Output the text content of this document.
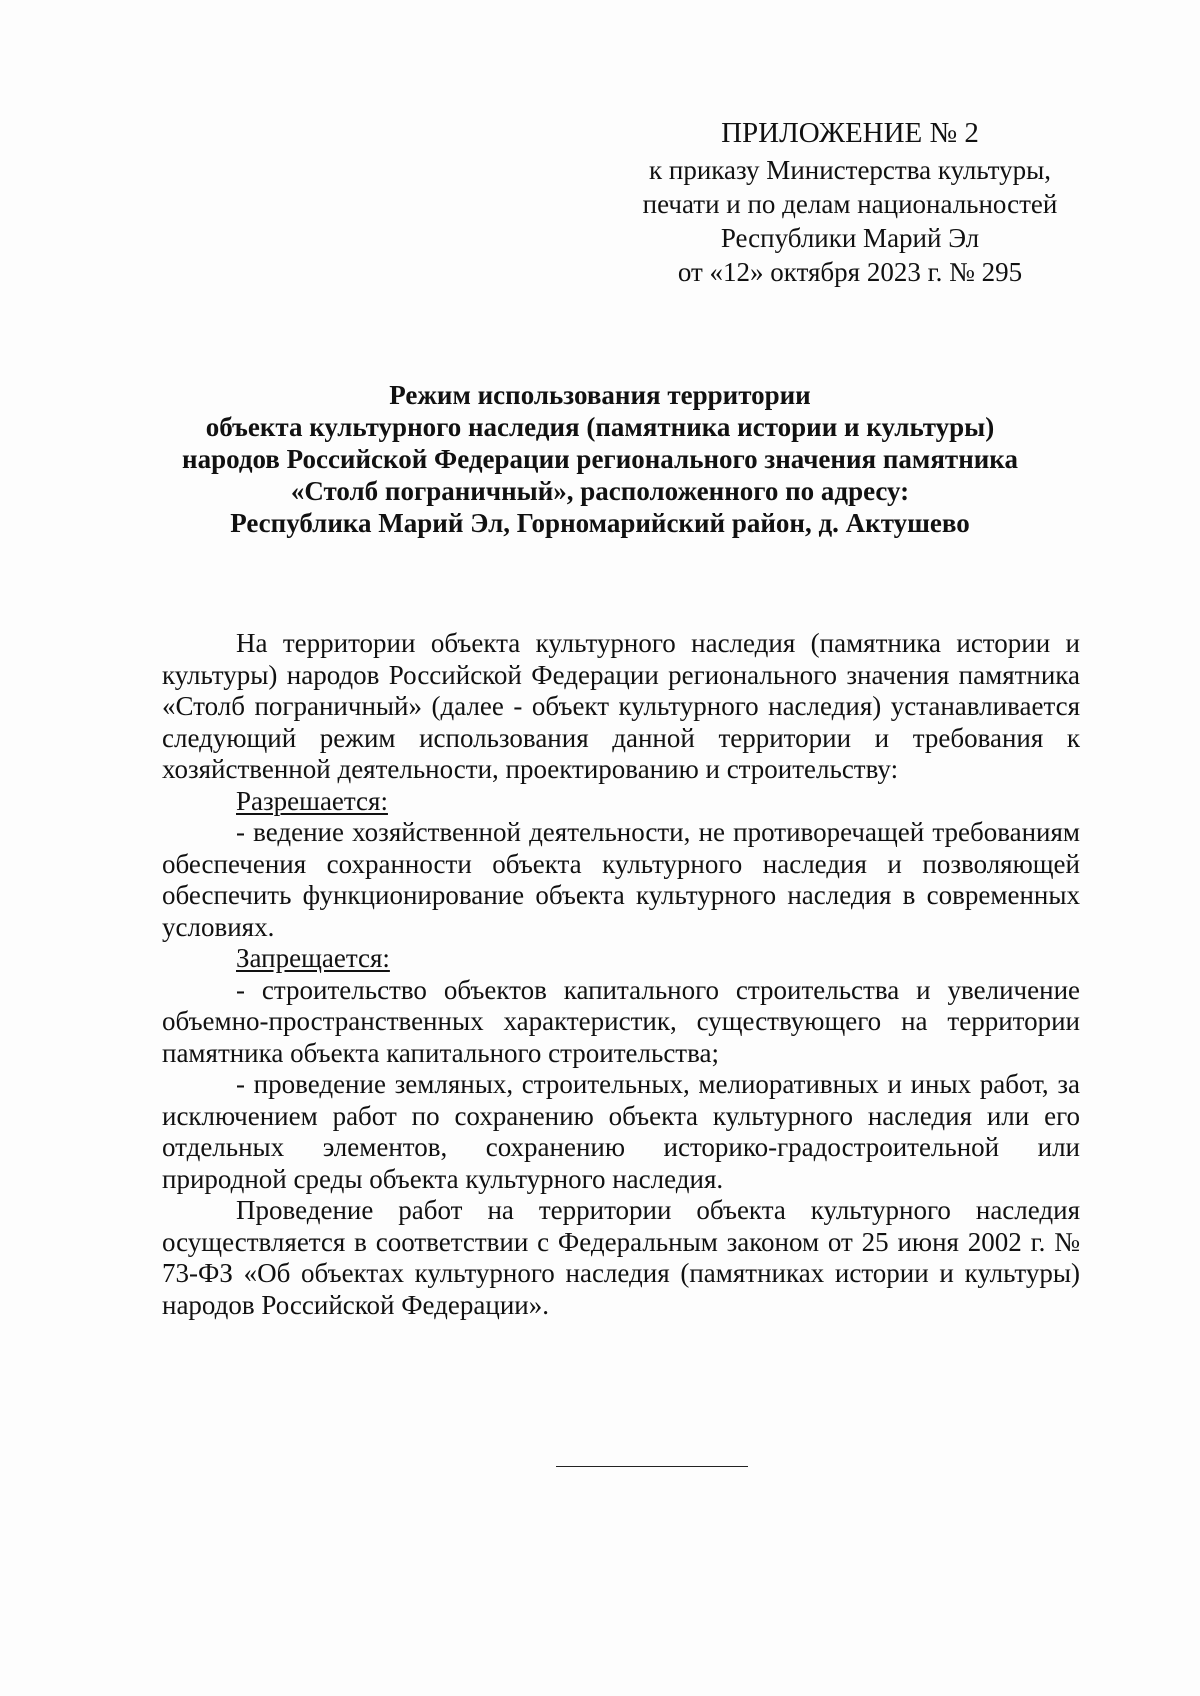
ПРИЛОЖЕНИЕ № 2
к приказу Министерства культуры,
печати и по делам национальностей
Республики Марий Эл
от «12» октября 2023 г. № 295
Режим использования территории
объекта культурного наследия (памятника истории и культуры)
народов Российской Федерации регионального значения памятника
«Столб пограничный», расположенного по адресу:
Республика Марий Эл, Горномарийский район, д. Актушево

На территории объекта культурного наследия (памятника истории и культуры) народов Российской Федерации регионального значения памятника «Столб пограничный» (далее - объект культурного наследия) устанавливается следующий режим использования данной территории и требования к хозяйственной деятельности, проектированию и строительству:

Разрешается:

- ведение хозяйственной деятельности, не противоречащей требованиям обеспечения сохранности объекта культурного наследия и позволяющей обеспечить функционирование объекта культурного наследия в современных условиях.

Запрещается:

- строительство объектов капитального строительства и увеличение объемно-пространственных характеристик, существующего на территории памятника объекта капитального строительства;

- проведение земляных, строительных, мелиоративных и иных работ, за исключением работ по сохранению объекта культурного наследия или его отдельных элементов, сохранению историко-градостроительной или природной среды объекта культурного наследия.

Проведение работ на территории объекта культурного наследия осуществляется в соответствии с Федеральным законом от 25 июня 2002 г. № 73-ФЗ «Об объектах культурного наследия (памятниках истории и культуры) народов Российской Федерации».
